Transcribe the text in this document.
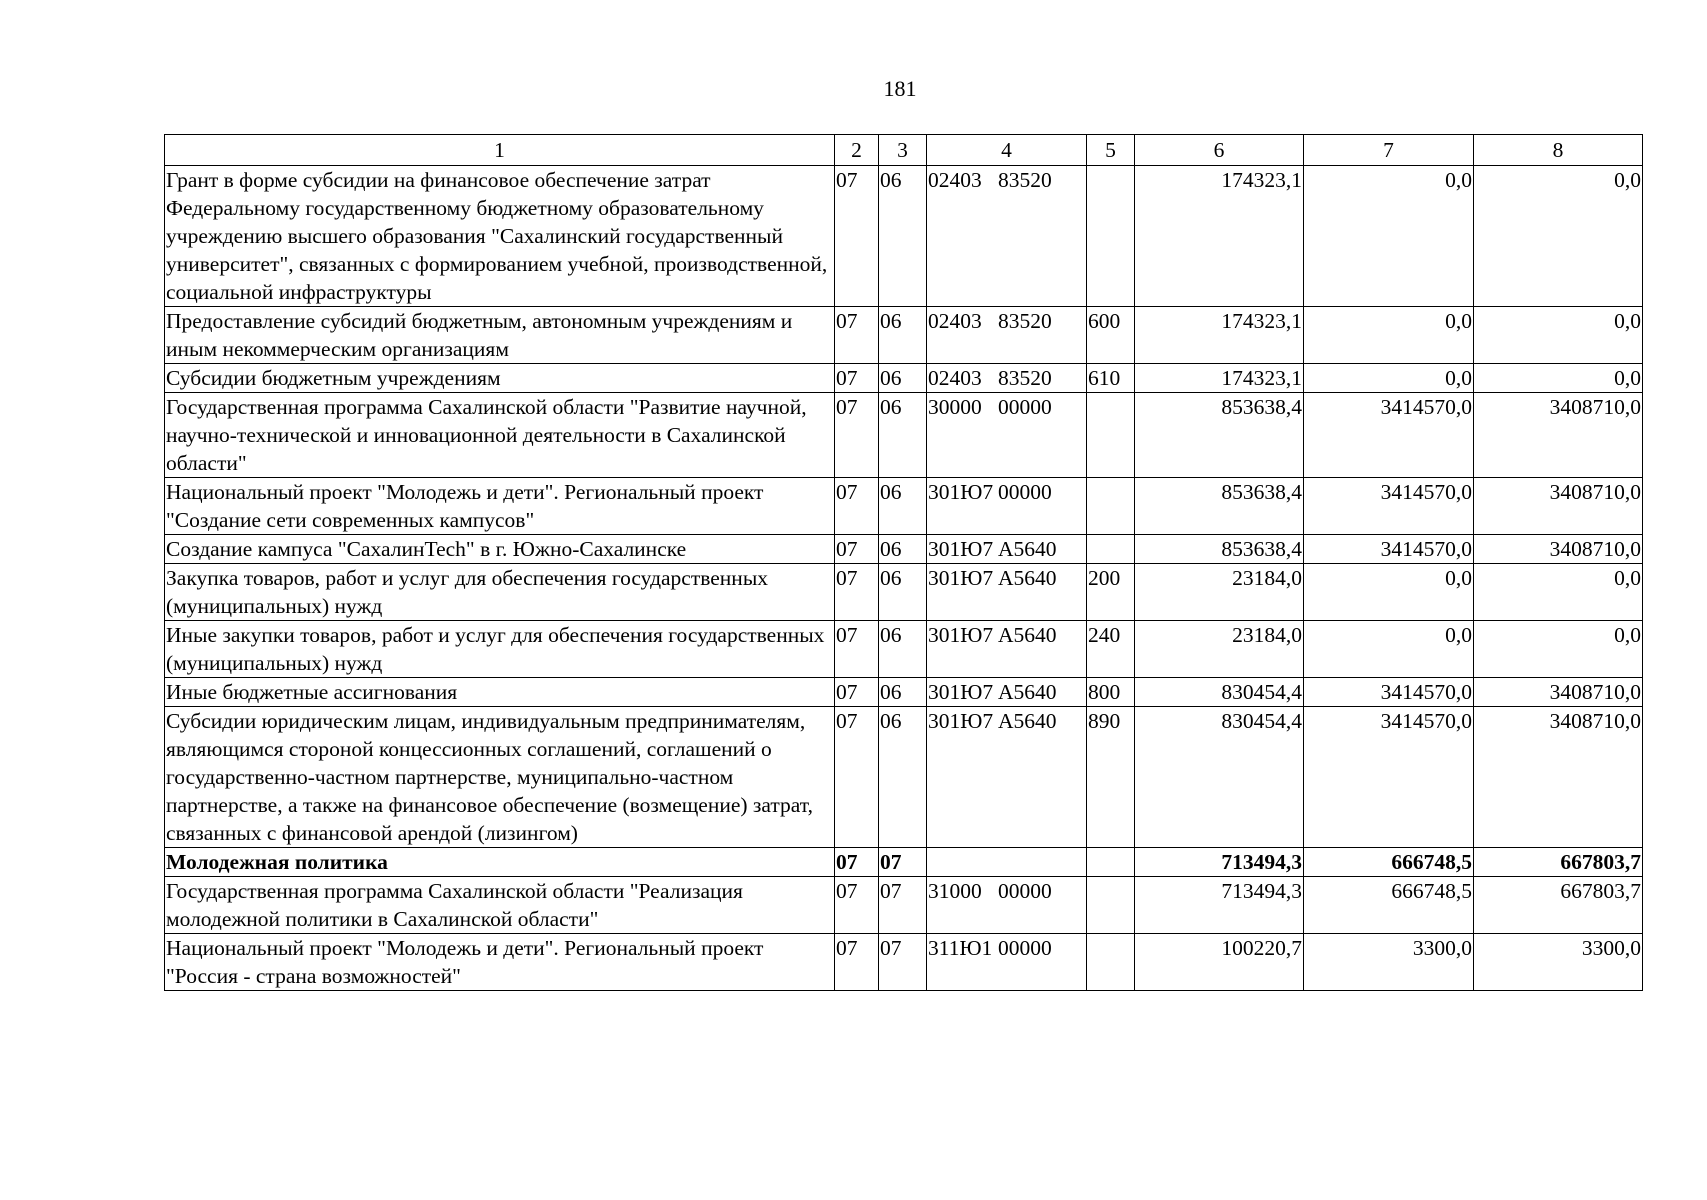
181
1	2	3	4	5	6	7	8
Грант в форме субсидии на финансовое обеспечение затрат Федеральному государственному бюджетному образовательному учреждению высшего образования "Сахалинский государственный университет", связанных с формированием учебной, производственной, социальной инфраструктуры	07	06	02403 83520		174323,1	0,0	0,0
Предоставление субсидий бюджетным, автономным учреждениям и иным некоммерческим организациям	07	06	02403 83520	600	174323,1	0,0	0,0
Субсидии бюджетным учреждениям	07	06	02403 83520	610	174323,1	0,0	0,0
Государственная программа Сахалинской области "Развитие научной, научно-технической и инновационной деятельности в Сахалинской области"	07	06	30000 00000		853638,4	3414570,0	3408710,0
Национальный проект "Молодежь и дети". Региональный проект "Создание сети современных кампусов"	07	06	301Ю7 00000		853638,4	3414570,0	3408710,0
Создание кампуса "СахалинTech" в г. Южно-Сахалинске	07	06	301Ю7 А5640		853638,4	3414570,0	3408710,0
Закупка товаров, работ и услуг для обеспечения государственных (муниципальных) нужд	07	06	301Ю7 А5640	200	23184,0	0,0	0,0
Иные закупки товаров, работ и услуг для обеспечения государственных (муниципальных) нужд	07	06	301Ю7 А5640	240	23184,0	0,0	0,0
Иные бюджетные ассигнования	07	06	301Ю7 А5640	800	830454,4	3414570,0	3408710,0
Субсидии юридическим лицам, индивидуальным предпринимателям, являющимся стороной концессионных соглашений, соглашений о государственно-частном партнерстве, муниципально-частном партнерстве, а также на финансовое обеспечение (возмещение) затрат, связанных с финансовой арендой (лизингом)	07	06	301Ю7 А5640	890	830454,4	3414570,0	3408710,0
Молодежная политика	07	07			713494,3	666748,5	667803,7
Государственная программа Сахалинской области "Реализация молодежной политики в Сахалинской области"	07	07	31000 00000		713494,3	666748,5	667803,7
Национальный проект "Молодежь и дети". Региональный проект "Россия - страна возможностей"	07	07	311Ю1 00000		100220,7	3300,0	3300,0
